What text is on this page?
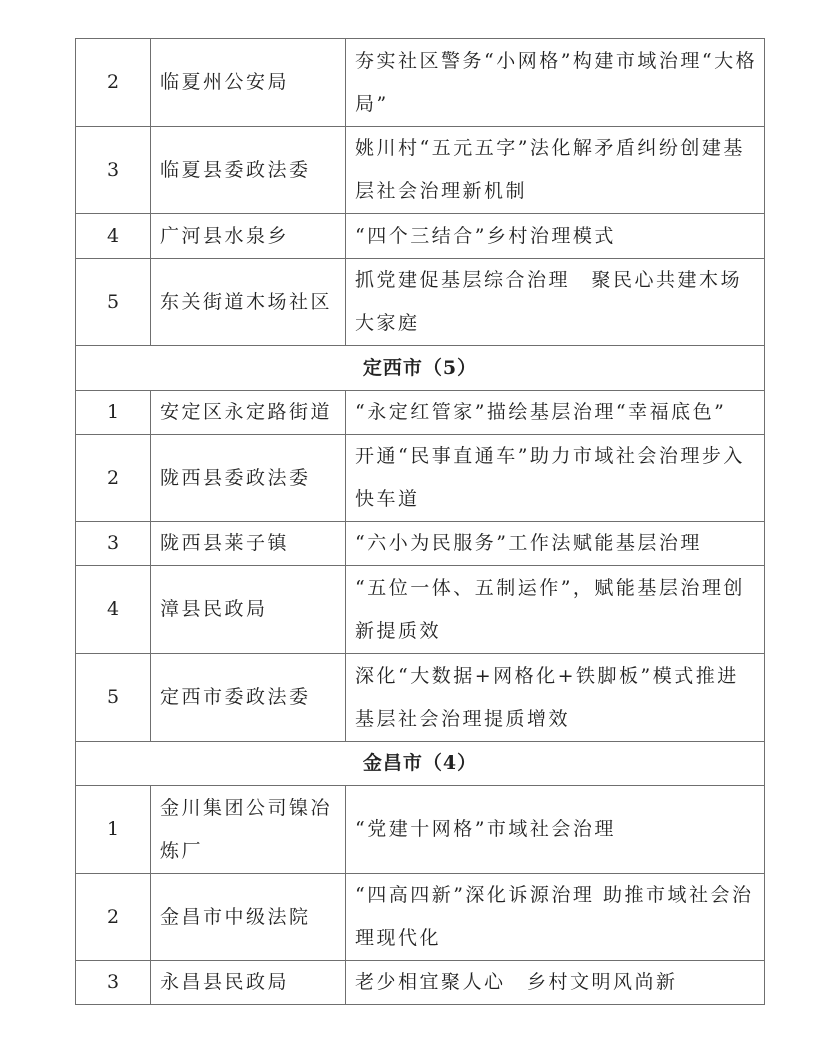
2	临夏州公安局	夯实社区警务“小网格”构建市域治理“大格局”
3	临夏县委政法委	姚川村“五元五字”法化解矛盾纠纷创建基层社会治理新机制
4	广河县水泉乡	“四个三结合”乡村治理模式
5	东关街道木场社区	抓党建促基层综合治理　聚民心共建木场大家庭
定西市（5）		
1	安定区永定路街道	“永定红管家”描绘基层治理“幸福底色”
2	陇西县委政法委	开通“民事直通车”助力市域社会治理步入快车道
3	陇西县莱子镇	“六小为民服务”工作法赋能基层治理
4	漳县民政局	“五位一体、五制运作”，赋能基层治理创新提质效
5	定西市委政法委	深化“大数据+网格化+铁脚板”模式推进基层社会治理提质增效
金昌市（4）		
1	金川集团公司镍冶炼厂	“党建十网格”市域社会治理
2	金昌市中级法院	“四高四新”深化诉源治理 助推市域社会治理现代化
3	永昌县民政局	老少相宜聚人心　乡村文明风尚新
